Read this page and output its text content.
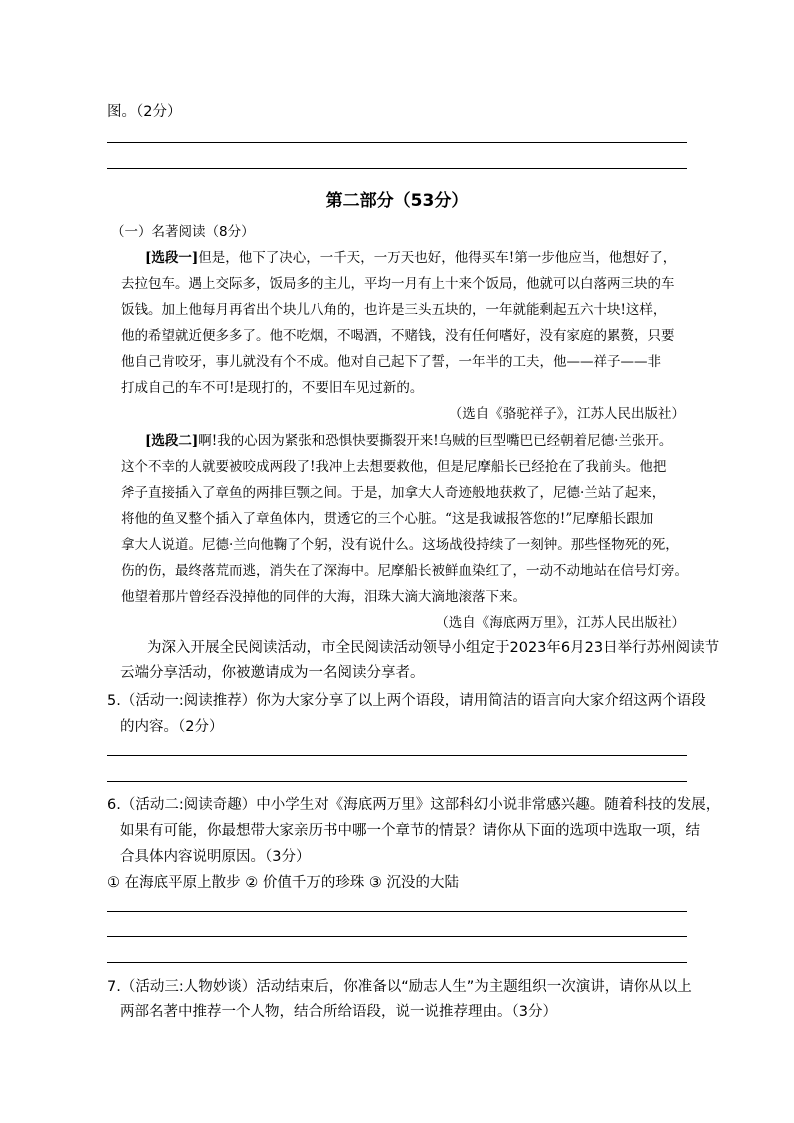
图。（2分）
第二部分（53分）
（一）名著阅读（8分）
[选段一]但是，他下了决心，一千天，一万天也好，他得买车!第一步他应当，他想好了，
去拉包车。遇上交际多，饭局多的主儿，平均一月有上十来个饭局，他就可以白落两三块的车
饭钱。加上他每月再省出个块儿八角的，也许是三头五块的，一年就能剩起五六十块!这样，
他的希望就近便多多了。他不吃烟，不喝酒，不赌钱，没有任何嗜好，没有家庭的累赘，只要
他自己肯咬牙，事儿就没有个不成。他对自己起下了誓，一年半的工夫，他——祥子——非
打成自己的车不可!是现打的，不要旧车见过新的。
（选自《骆驼祥子》，江苏人民出版社）
[选段二]啊!我的心因为紧张和恐惧快要撕裂开来!乌贼的巨型嘴巴已经朝着尼德·兰张开。
这个不幸的人就要被咬成两段了!我冲上去想要救他，但是尼摩船长已经抢在了我前头。他把
斧子直接插入了章鱼的两排巨颚之间。于是，加拿大人奇迹般地获救了，尼德·兰站了起来，
将他的鱼叉整个插入了章鱼体内，贯透它的三个心脏。“这是我诚报答您的!”尼摩船长跟加
拿大人说道。尼德·兰向他鞠了个躬，没有说什么。这场战役持续了一刻钟。那些怪物死的死，
伤的伤，最终落荒而逃，消失在了深海中。尼摩船长被鲜血染红了，一动不动地站在信号灯旁。
他望着那片曾经吞没掉他的同伴的大海，泪珠大滴大滴地滚落下来。
（选自《海底两万里》，江苏人民出版社）
为深入开展全民阅读活动，市全民阅读活动领导小组定于2023年6月23日举行苏州阅读节
云端分享活动，你被邀请成为一名阅读分享者。
5.（活动一:阅读推荐）你为大家分享了以上两个语段，请用简洁的语言向大家介绍这两个语段
的内容。（2分）
6.（活动二:阅读奇趣）中小学生对《海底两万里》这部科幻小说非常感兴趣。随着科技的发展，
如果有可能，你最想带大家亲历书中哪一个章节的情景？请你从下面的选项中选取一项，结
合具体内容说明原因。（3分）
① 在海底平原上散步 ② 价值千万的珍珠 ③ 沉没的大陆
7.（活动三:人物妙谈）活动结束后，你准备以“励志人生”为主题组织一次演讲，请你从以上
两部名著中推荐一个人物，结合所给语段，说一说推荐理由。（3分）
